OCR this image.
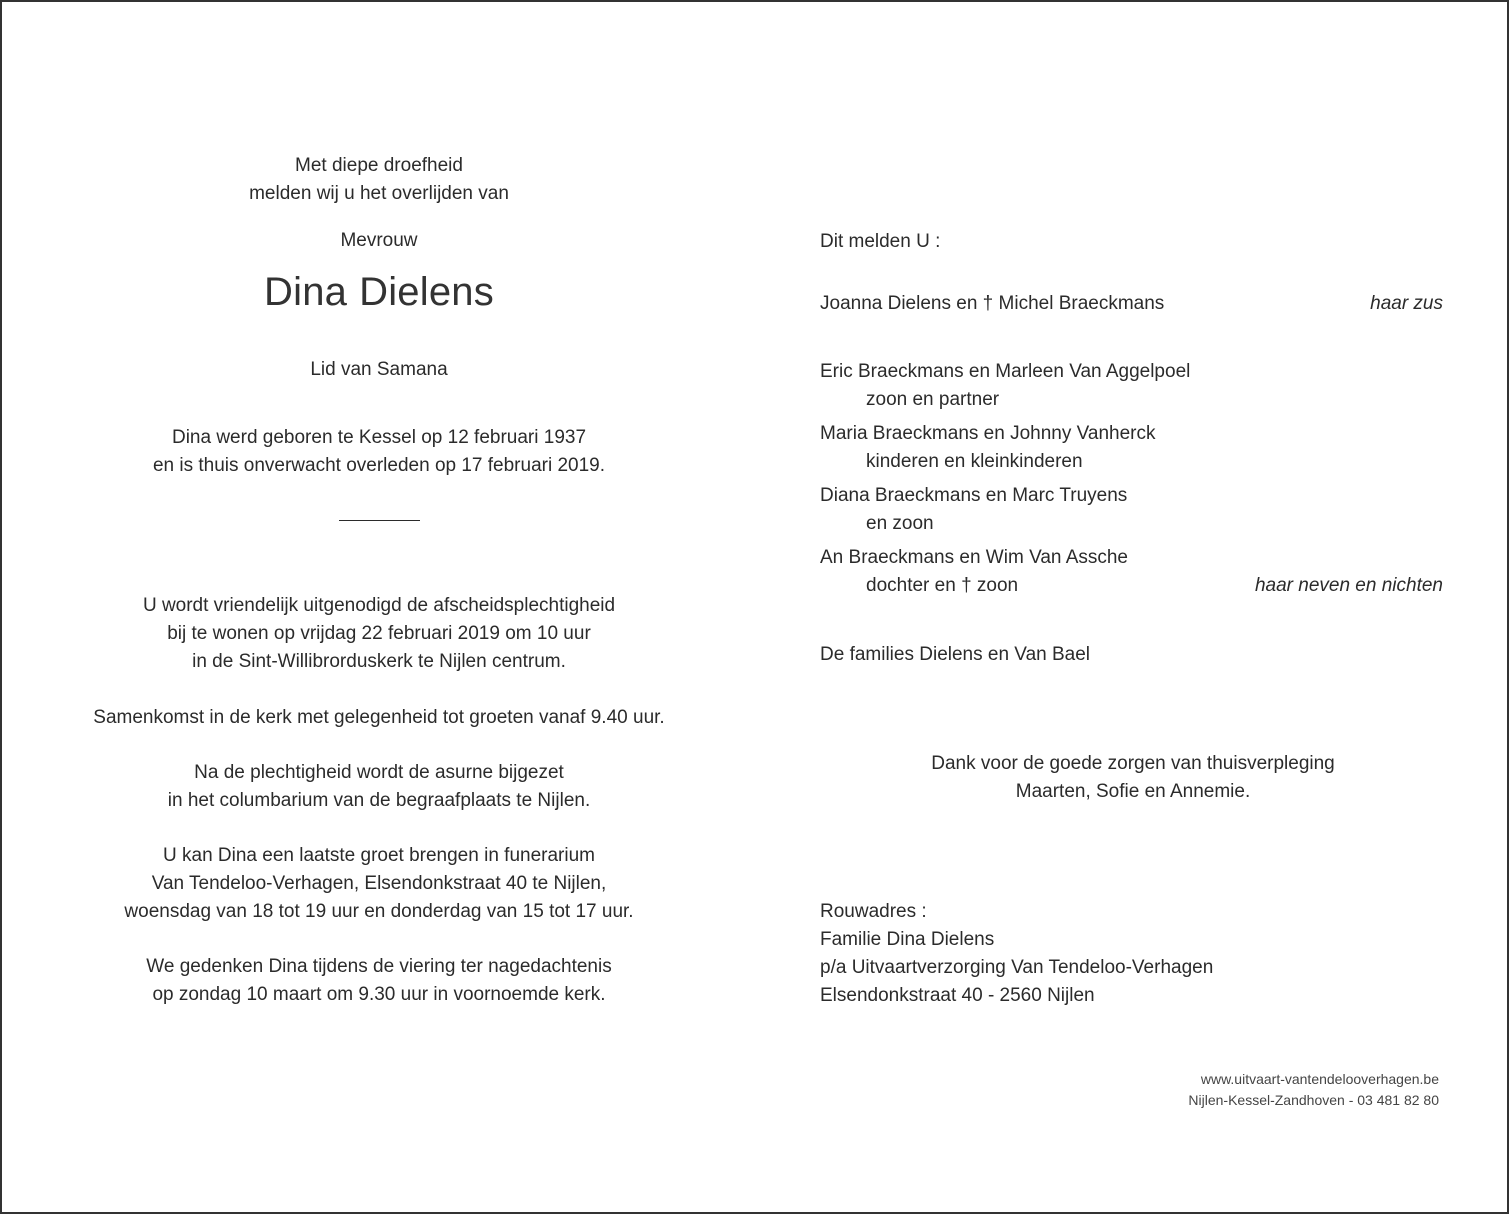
Met diepe droefheid
melden wij u het overlijden van
Mevrouw
Dina Dielens
Lid van Samana
Dina werd geboren te Kessel op 12 februari 1937
en is thuis onverwacht overleden op 17 februari 2019.
U wordt vriendelijk uitgenodigd de afscheidsplechtigheid
bij te wonen op vrijdag 22 februari 2019 om 10 uur
in de Sint-Willibrorduskerk te Nijlen centrum.
Samenkomst in de kerk met gelegenheid tot groeten vanaf 9.40 uur.
Na de plechtigheid wordt de asurne bijgezet
in het columbarium van de begraafplaats te Nijlen.
U kan Dina een laatste groet brengen in funerarium
Van Tendeloo-Verhagen, Elsendonkstraat 40 te Nijlen,
woensdag van 18 tot 19 uur en donderdag van 15 tot 17 uur.
We gedenken Dina tijdens de viering ter nagedachtenis
op zondag 10 maart om 9.30 uur in voornoemde kerk.
Dit melden U :
Joanna Dielens en † Michel Braeckmans	haar zus
Eric Braeckmans en Marleen Van Aggelpoel
zoon en partner
Maria Braeckmans en Johnny Vanherck
kinderen en kleinkinderen
Diana Braeckmans en Marc Truyens
en zoon
An Braeckmans en Wim Van Assche
dochter en † zoon	haar neven en nichten
De families Dielens en Van Bael
Dank voor de goede zorgen van thuisverpleging
Maarten, Sofie en Annemie.
Rouwadres :
Familie Dina Dielens
p/a Uitvaartverzorging Van Tendeloo-Verhagen
Elsendonkstraat 40 - 2560 Nijlen
www.uitvaart-vantendelooverhagen.be
Nijlen-Kessel-Zandhoven - 03 481 82 80
